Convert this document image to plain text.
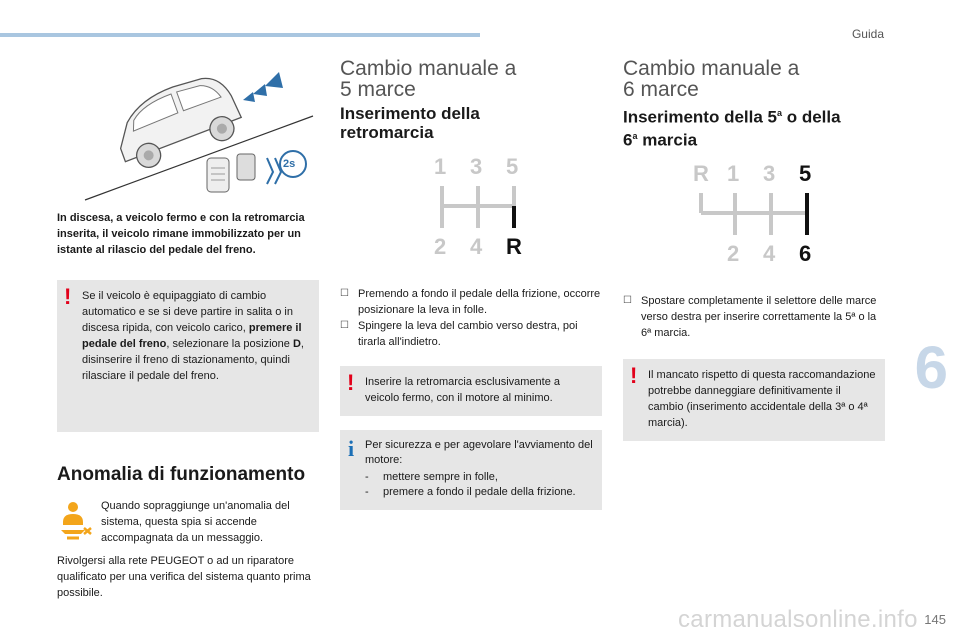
Guida
6
carmanualsonline.info 145
2s
In discesa, a veicolo fermo e con la retromarcia inserita, il veicolo rimane immobilizzato per un istante al rilascio del pedale del freno.
! Se il veicolo è equipaggiato di cambio automatico e se si deve partire in salita o in discesa ripida, con veicolo carico, premere il pedale del freno, selezionare la posizione D, disinserire il freno di stazionamento, quindi rilasciare il pedale del freno.
Anomalia di funzionamento
Quando sopraggiunge un'anomalia del sistema, questa spia si accende accompagnata da un messaggio.
Rivolgersi alla rete PEUGEOT o ad un riparatore qualificato per una verifica del sistema quanto prima possibile.
Cambio manuale a
5 marce
Inserimento della
retromarcia
1 3 5
2 4 R
☐ Premendo a fondo il pedale della frizione, occorre posizionare la leva in folle.
☐ Spingere la leva del cambio verso destra, poi tirarla all'indietro.
! Inserire la retromarcia esclusivamente a veicolo fermo, con il motore al minimo.
i Per sicurezza e per agevolare l'avviamento del motore:
- mettere sempre in folle,
- premere a fondo il pedale della frizione.
Cambio manuale a
6 marce
Inserimento della 5$^a$ o della
6$^a$ marcia
R 1 3 5
2 4 6
☐ Spostare completamente il selettore delle marce verso destra per inserire correttamente la 5ª o la 6ª marcia.
! Il mancato rispetto di questa raccomandazione potrebbe danneggiare definitivamente il cambio (inserimento accidentale della 3ª o 4ª marcia).
